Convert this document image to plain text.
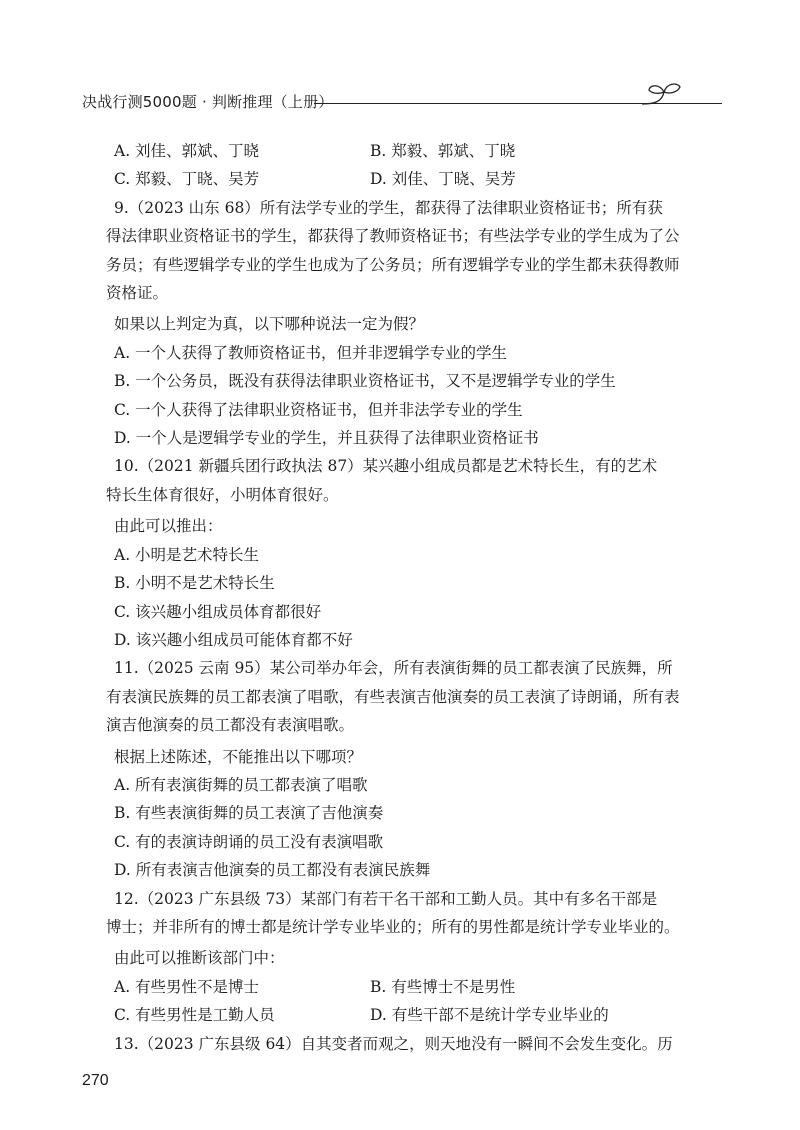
决战行测5000题 · 判断推理（上册）
A. 刘佳、郭斌、丁晓	B. 郑毅、郭斌、丁晓
C. 郑毅、丁晓、吴芳	D. 刘佳、丁晓、吴芳

9.（2023 山东 68）所有法学专业的学生，都获得了法律职业资格证书；所有获

得法律职业资格证书的学生，都获得了教师资格证书；有些法学专业的学生成为了公

务员；有些逻辑学专业的学生也成为了公务员；所有逻辑学专业的学生都未获得教师

资格证。

如果以上判定为真，以下哪种说法一定为假？

A. 一个人获得了教师资格证书，但并非逻辑学专业的学生

B. 一个公务员，既没有获得法律职业资格证书，又不是逻辑学专业的学生

C. 一个人获得了法律职业资格证书，但并非法学专业的学生

D. 一个人是逻辑学专业的学生，并且获得了法律职业资格证书

10.（2021 新疆兵团行政执法 87）某兴趣小组成员都是艺术特长生，有的艺术

特长生体育很好，小明体育很好。

由此可以推出：

A. 小明是艺术特长生

B. 小明不是艺术特长生

C. 该兴趣小组成员体育都很好

D. 该兴趣小组成员可能体育都不好

11.（2025 云南 95）某公司举办年会，所有表演街舞的员工都表演了民族舞，所

有表演民族舞的员工都表演了唱歌，有些表演吉他演奏的员工表演了诗朗诵，所有表

演吉他演奏的员工都没有表演唱歌。

根据上述陈述，不能推出以下哪项？

A. 所有表演街舞的员工都表演了唱歌

B. 有些表演街舞的员工表演了吉他演奏

C. 有的表演诗朗诵的员工没有表演唱歌

D. 所有表演吉他演奏的员工都没有表演民族舞

12.（2023 广东县级 73）某部门有若干名干部和工勤人员。其中有多名干部是

博士；并非所有的博士都是统计学专业毕业的；所有的男性都是统计学专业毕业的。

由此可以推断该部门中：

A. 有些男性不是博士	B. 有些博士不是男性
C. 有些男性是工勤人员	D. 有些干部不是统计学专业毕业的

13.（2023 广东县级 64）自其变者而观之，则天地没有一瞬间不会发生变化。历

270
